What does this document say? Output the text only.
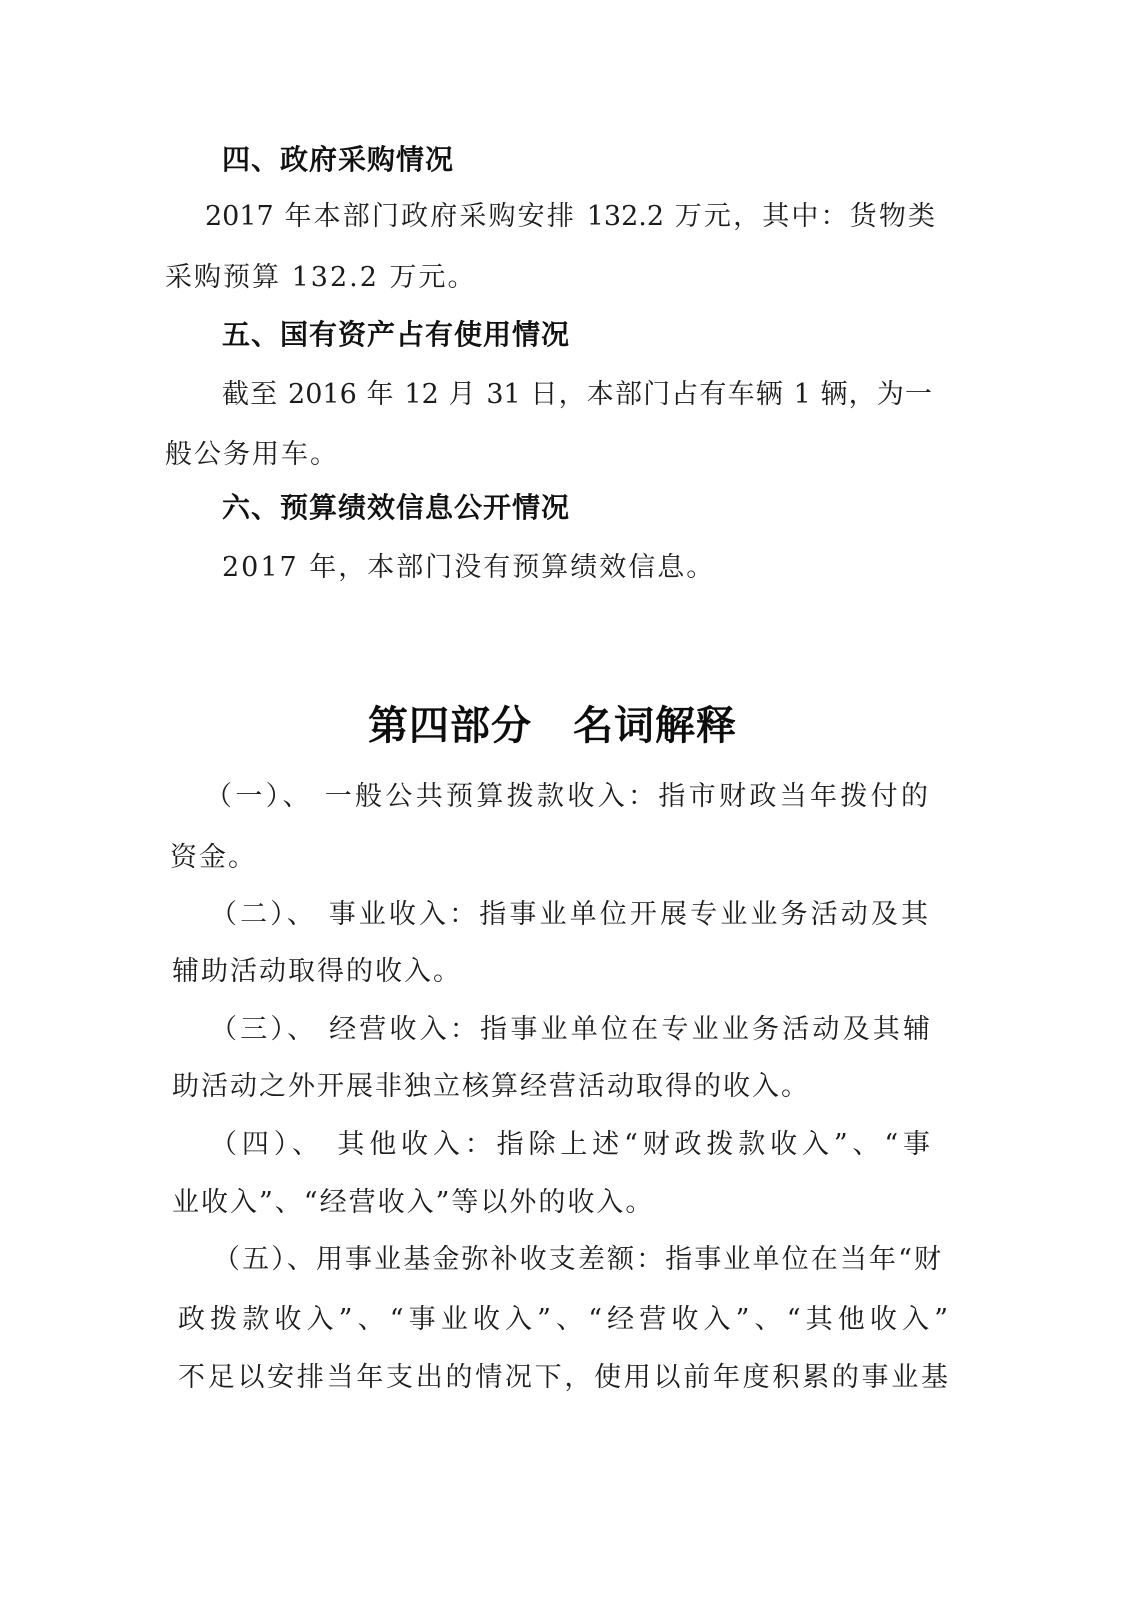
四、政府采购情况
2017 年本部门政府采购安排 132.2 万元，其中：货物类
采购预算 132.2 万元。
五、国有资产占有使用情况
截至 2016 年 12 月 31 日，本部门占有车辆 1 辆，为一
般公务用车。
六、预算绩效信息公开情况
2017 年，本部门没有预算绩效信息。
第四部分　名词解释
（一）、 一般公共预算拨款收入：指市财政当年拨付的
资金。
（二）、 事业收入：指事业单位开展专业业务活动及其
辅助活动取得的收入。
（三）、 经营收入：指事业单位在专业业务活动及其辅
助活动之外开展非独立核算经营活动取得的收入。
（四）、 其他收入：指除上述“财政拨款收入”、“事
业收入”、“经营收入”等以外的收入。
（五）、用事业基金弥补收支差额：指事业单位在当年“财
政拨款收入”、“事业收入”、“经营收入”、“其他收入”
不足以安排当年支出的情况下，使用以前年度积累的事业基
